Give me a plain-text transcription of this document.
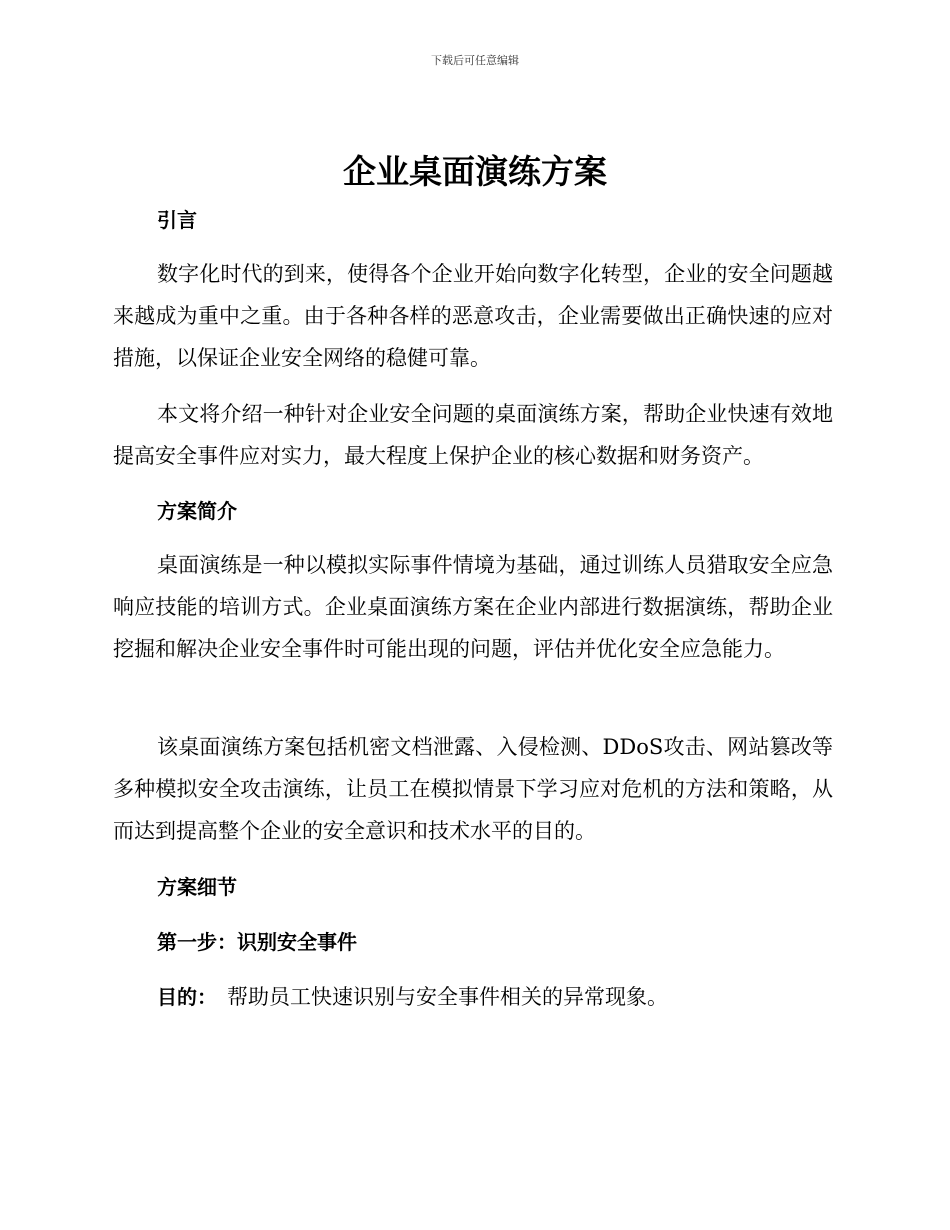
下载后可任意编辑
企业桌面演练方案
引言
数字化时代的到来，使得各个企业开始向数字化转型，企业的安全问题越来越成为重中之重。由于各种各样的恶意攻击，企业需要做出正确快速的应对措施，以保证企业安全网络的稳健可靠。
本文将介绍一种针对企业安全问题的桌面演练方案，帮助企业快速有效地提高安全事件应对实力，最大程度上保护企业的核心数据和财务资产。
方案简介
桌面演练是一种以模拟实际事件情境为基础，通过训练人员猎取安全应急响应技能的培训方式。企业桌面演练方案在企业内部进行数据演练，帮助企业挖掘和解决企业安全事件时可能出现的问题，评估并优化安全应急能力。
该桌面演练方案包括机密文档泄露、入侵检测、DDoS攻击、网站篡改等多种模拟安全攻击演练，让员工在模拟情景下学习应对危机的方法和策略，从而达到提高整个企业的安全意识和技术水平的目的。
方案细节
第一步：识别安全事件
目的： 帮助员工快速识别与安全事件相关的异常现象。
